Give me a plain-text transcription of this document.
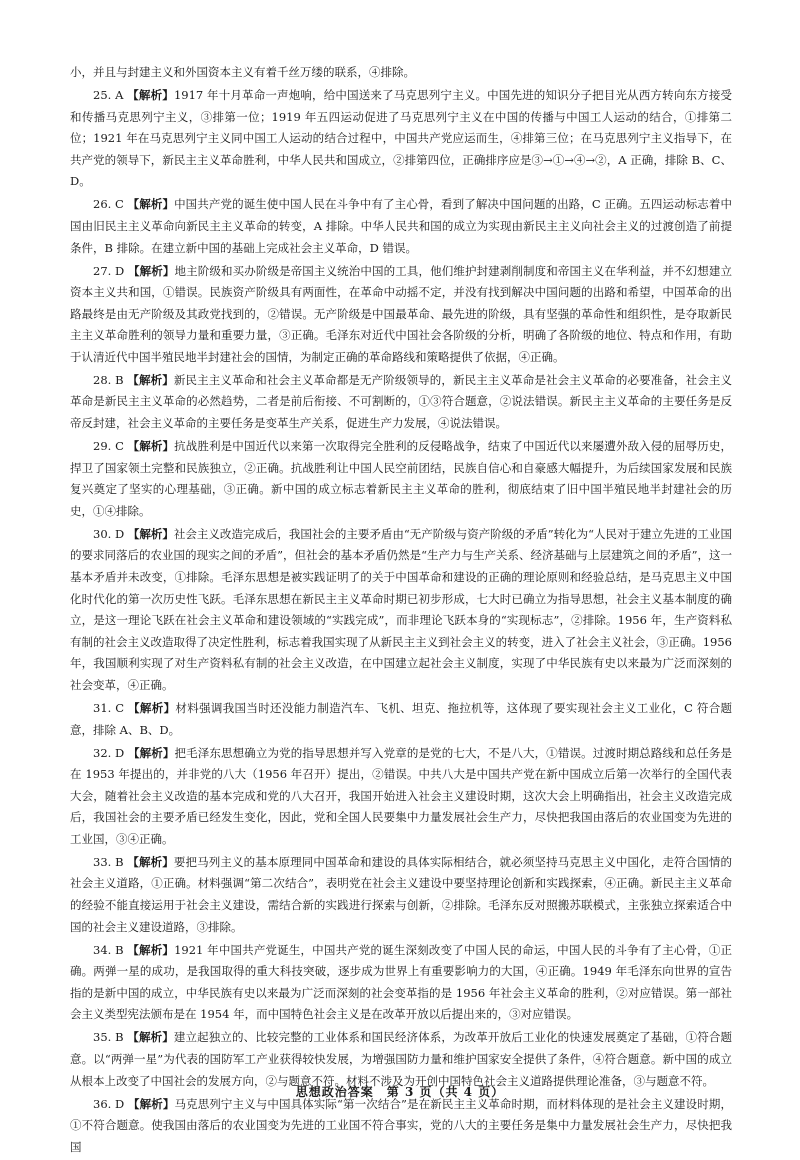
小，并且与封建主义和外国资本主义有着千丝万缕的联系，④排除。

25. A 【解析】1917 年十月革命一声炮响，给中国送来了马克思列宁主义。中国先进的知识分子把目光从西方转向东方接受和传播马克思列宁主义，③排第一位；1919 年五四运动促进了马克思列宁主义在中国的传播与中国工人运动的结合，①排第二位；1921 年在马克思列宁主义同中国工人运动的结合过程中，中国共产党应运而生，④排第三位；在马克思列宁主义指导下，在共产党的领导下，新民主主义革命胜利，中华人民共和国成立，②排第四位，正确排序应是③→①→④→②，A 正确，排除 B、C、D。

26. C 【解析】中国共产党的诞生使中国人民在斗争中有了主心骨，看到了解决中国问题的出路，C 正确。五四运动标志着中国由旧民主主义革命向新民主主义革命的转变，A 排除。中华人民共和国的成立为实现由新民主主义向社会主义的过渡创造了前提条件，B 排除。在建立新中国的基础上完成社会主义革命，D 错误。

27. D 【解析】地主阶级和买办阶级是帝国主义统治中国的工具，他们维护封建剥削制度和帝国主义在华利益，并不幻想建立资本主义共和国，①错误。民族资产阶级具有两面性，在革命中动摇不定，并没有找到解决中国问题的出路和希望，中国革命的出路最终是由无产阶级及其政党找到的，②错误。无产阶级是中国最革命、最先进的阶级，具有坚强的革命性和组织性，是夺取新民主主义革命胜利的领导力量和重要力量，③正确。毛泽东对近代中国社会各阶级的分析，明确了各阶级的地位、特点和作用，有助于认清近代中国半殖民地半封建社会的国情，为制定正确的革命路线和策略提供了依据，④正确。

28. B 【解析】新民主主义革命和社会主义革命都是无产阶级领导的，新民主主义革命是社会主义革命的必要准备，社会主义革命是新民主主义革命的必然趋势，二者是前后衔接、不可割断的，①③符合题意，②说法错误。新民主主义革命的主要任务是反帝反封建，社会主义革命的主要任务是变革生产关系，促进生产力发展，④说法错误。

29. C 【解析】抗战胜利是中国近代以来第一次取得完全胜利的反侵略战争，结束了中国近代以来屡遭外敌入侵的屈辱历史，捍卫了国家领土完整和民族独立，②正确。抗战胜利让中国人民空前团结，民族自信心和自豪感大幅提升，为后续国家发展和民族复兴奠定了坚实的心理基础，③正确。新中国的成立标志着新民主主义革命的胜利，彻底结束了旧中国半殖民地半封建社会的历史，①④排除。

30. D 【解析】社会主义改造完成后，我国社会的主要矛盾由“无产阶级与资产阶级的矛盾”转化为“人民对于建立先进的工业国的要求同落后的农业国的现实之间的矛盾”，但社会的基本矛盾仍然是“生产力与生产关系、经济基础与上层建筑之间的矛盾”，这一基本矛盾并未改变，①排除。毛泽东思想是被实践证明了的关于中国革命和建设的正确的理论原则和经验总结，是马克思主义中国化时代化的第一次历史性飞跃。毛泽东思想在新民主主义革命时期已初步形成，七大时已确立为指导思想，社会主义基本制度的确立，是这一理论飞跃在社会主义革命和建设领域的“实践完成”，而非理论飞跃本身的“实现标志”，②排除。1956 年，生产资料私有制的社会主义改造取得了决定性胜利，标志着我国实现了从新民主主义到社会主义的转变，进入了社会主义社会，③正确。1956 年，我国顺利实现了对生产资料私有制的社会主义改造，在中国建立起社会主义制度，实现了中华民族有史以来最为广泛而深刻的社会变革，④正确。

31. C 【解析】材料强调我国当时还没能力制造汽车、飞机、坦克、拖拉机等，这体现了要实现社会主义工业化，C 符合题意，排除 A、B、D。

32. D 【解析】把毛泽东思想确立为党的指导思想并写入党章的是党的七大，不是八大，①错误。过渡时期总路线和总任务是在 1953 年提出的，并非党的八大（1956 年召开）提出，②错误。中共八大是中国共产党在新中国成立后第一次举行的全国代表大会，随着社会主义改造的基本完成和党的八大召开，我国开始进入社会主义建设时期，这次大会上明确指出，社会主义改造完成后，我国社会的主要矛盾已经发生变化，因此，党和全国人民要集中力量发展社会生产力，尽快把我国由落后的农业国变为先进的工业国，③④正确。

33. B 【解析】要把马列主义的基本原理同中国革命和建设的具体实际相结合，就必须坚持马克思主义中国化，走符合国情的社会主义道路，①正确。材料强调“第二次结合”，表明党在社会主义建设中要坚持理论创新和实践探索，④正确。新民主主义革命的经验不能直接运用于社会主义建设，需结合新的实践进行探索与创新，②排除。毛泽东反对照搬苏联模式，主张独立探索适合中国的社会主义建设道路，③排除。

34. B 【解析】1921 年中国共产党诞生，中国共产党的诞生深刻改变了中国人民的命运，中国人民的斗争有了主心骨，①正确。两弹一星的成功，是我国取得的重大科技突破，逐步成为世界上有重要影响力的大国，④正确。1949 年毛泽东向世界的宣告指的是新中国的成立，中华民族有史以来最为广泛而深刻的社会变革指的是 1956 年社会主义革命的胜利，②对应错误。第一部社会主义类型宪法颁布是在 1954 年，而中国特色社会主义是在改革开放以后提出来的，③对应错误。

35. B 【解析】建立起独立的、比较完整的工业体系和国民经济体系，为改革开放后工业化的快速发展奠定了基础，①符合题意。以“两弹一星”为代表的国防军工产业获得较快发展，为增强国防力量和维护国家安全提供了条件，④符合题意。新中国的成立从根本上改变了中国社会的发展方向，②与题意不符。材料不涉及为开创中国特色社会主义道路提供理论准备，③与题意不符。

36. D 【解析】马克思列宁主义与中国具体实际“第一次结合”是在新民主主义革命时期，而材料体现的是社会主义建设时期，①不符合题意。使我国由落后的农业国变为先进的工业国不符合事实，党的八大的主要任务是集中力量发展社会生产力，尽快把我国

思想政治答案　第 3 页（共 4 页）
